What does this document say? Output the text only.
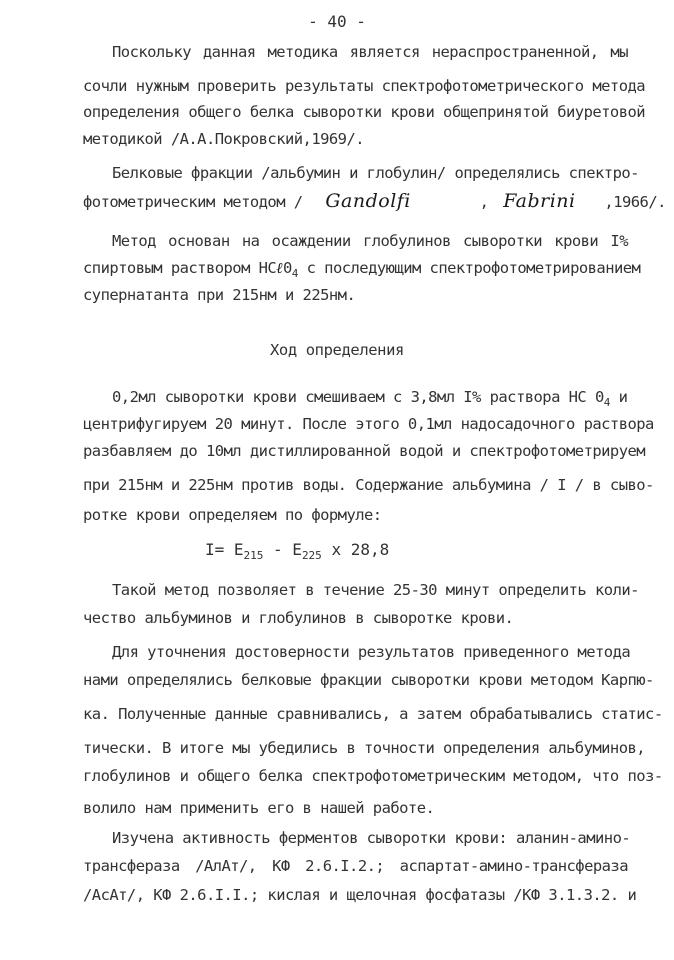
- 40 -
Поскольку данная методика является нераспространенной, мы
сочли нужным проверить результаты спектрофотометрического метода
определения общего белка сыворотки крови общепринятой биуретовой
методикой /А.А.Покровский,1969/.
Белковые фракции /альбумин и глобулин/ определялись спектро-
фотометрическим методом / Gandolfi	, Fabrini ,1966/.
Метод основан на осаждении глобулинов сыворотки крови I%
спиртовым раствором $НС\ell 0_4$ с последующим спектрофотометрированием
супернатанта при 215нм и 225нм.
Ход определения
0,2мл сыворотки крови смешиваем с 3,8мл I% раствора НС $0_4$ и
центрифугируем 20 минут. После этого 0,1мл надосадочного раствора
разбавляем до 10мл дистиллированной водой и спектрофотометрируем
при 215нм и 225нм против воды. Содержание альбумина / I / в сыво-
ротке крови определяем по формуле:
$I= E_{215} - E_{225}$ x 28,8
Такой метод позволяет в течение 25-30 минут определить коли-
чество альбуминов и глобулинов в сыворотке крови.
Для уточнения достоверности результатов приведенного метода
нами определялись белковые фракции сыворотки крови методом Карпю-
ка. Полученные данные сравнивались, а затем обрабатывались статис-
тически. В итоге мы убедились в точности определения альбуминов,
глобулинов и общего белка спектрофотометрическим методом, что поз-
волило нам применить его в нашей работе.
Изучена активность ферментов сыворотки крови: аланин-амино-
трансфераза /АлАт/, КФ 2.6.I.2.; аспартат-амино-трансфераза
/АсАт/, КФ 2.6.I.I.; кислая и щелочная фосфатазы /КФ 3.1.3.2. и
